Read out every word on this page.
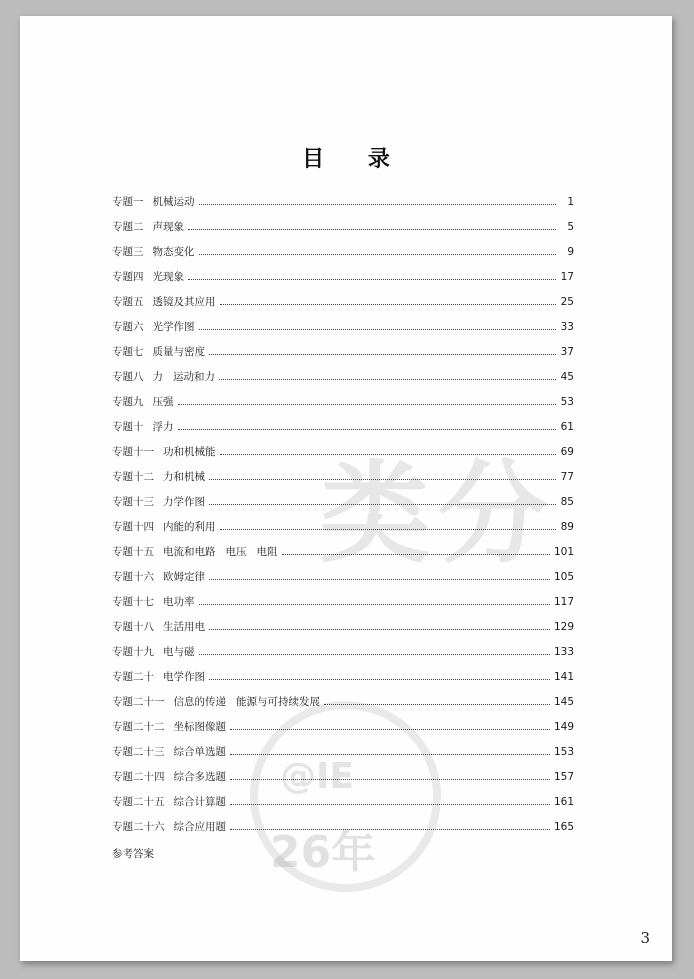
类分
@IE
26年
目 录
专题一 机械运动	1
专题二 声现象	5
专题三 物态变化	9
专题四 光现象	17
专题五 透镜及其应用	25
专题六 光学作图	33
专题七 质量与密度	37
专题八 力   运动和力	45
专题九 压强	53
专题十 浮力	61
专题十一 功和机械能	69
专题十二 力和机械	77
专题十三 力学作图	85
专题十四 内能的利用	89
专题十五 电流和电路   电压   电阻	101
专题十六 欧姆定律	105
专题十七 电功率	117
专题十八 生活用电	129
专题十九 电与磁	133
专题二十 电学作图	141
专题二十一 信息的传递   能源与可持续发展	145
专题二十二 坐标图像题	149
专题二十三 综合单选题	153
专题二十四 综合多选题	157
专题二十五 综合计算题	161
专题二十六 综合应用题	165
参考答案
3
